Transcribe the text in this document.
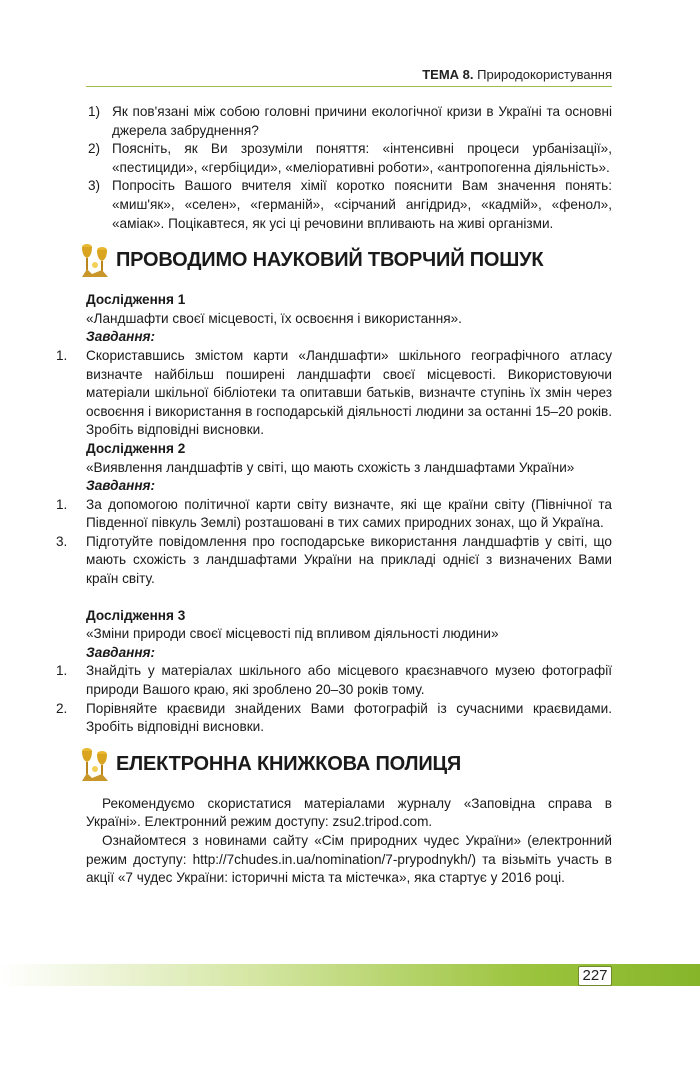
ТЕМА 8. Природокористування
1) Як пов'язані між собою головні причини екологічної кризи в Україні та основні джерела забруднення?
2) Поясніть, як Ви зрозуміли поняття: «інтенсивні процеси урбанізації», «пестициди», «гербіциди», «меліоративні роботи», «антропогенна діяльність».
3) Попросіть Вашого вчителя хімії коротко пояснити Вам значення понять: «миш'як», «селен», «германій», «сірчаний ангідрид», «кадмій», «фенол», «аміак». Поцікавтеся, як усі ці речовини впливають на живі організми.
ПРОВОДИМО НАУКОВИЙ ТВОРЧИЙ ПОШУК
Дослідження 1
«Ландшафти своєї місцевості, їх освоєння і використання».
Завдання:
1. Скориставшись змістом карти «Ландшафти» шкільного географічного атласу визначте найбільш поширені ландшафти своєї місцевості. Використовуючи матеріали шкільної бібліотеки та опитавши батьків, визначте ступінь їх змін через освоєння і використання в господарській діяльності людини за останні 15–20 років. Зробіть відповідні висновки.
Дослідження 2
«Виявлення ландшафтів у світі, що мають схожість з ландшафтами України»
Завдання:
1. За допомогою політичної карти світу визначте, які ще країни світу (Північної та Південної півкуль Землі) розташовані в тих самих природних зонах, що й Україна.
3. Підготуйте повідомлення про господарське використання ландшафтів у світі, що мають схожість з ландшафтами України на прикладі однієї з визначених Вами країн світу.
Дослідження 3
«Зміни природи своєї місцевості під впливом діяльності людини»
Завдання:
1. Знайдіть у матеріалах шкільного або місцевого краєзнавчого музею фотографії природи Вашого краю, які зроблено 20–30 років тому.
2. Порівняйте краєвиди знайдених Вами фотографій із сучасними краєвидами. Зробіть відповідні висновки.
ЕЛЕКТРОННА КНИЖКОВА ПОЛИЦЯ
Рекомендуємо скористатися матеріалами журналу «Заповідна справа в Україні». Електронний режим доступу: zsu2.tripod.com.
Ознайомтеся з новинами сайту «Сім природних чудес України» (електронний режим доступу: http://7chudes.in.ua/nomination/7-prypodnykh/) та візьміть участь в акції «7 чудес України: історичні міста та містечка», яка стартує у 2016 році.
227
